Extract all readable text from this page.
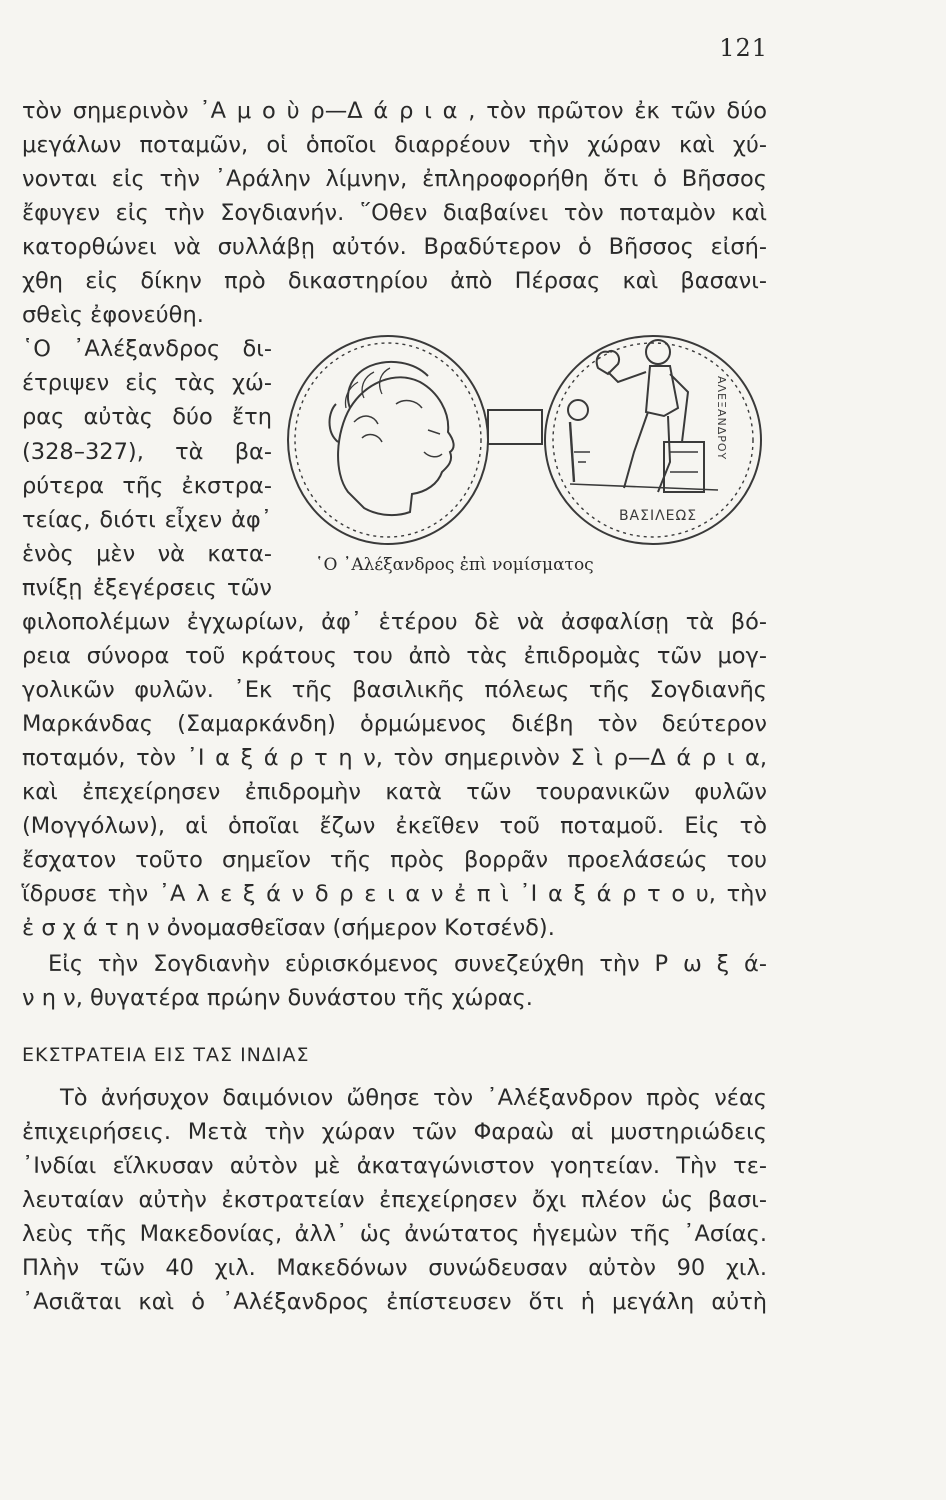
121
τὸν σημερινὸν ᾿Α μ ο ὺ ρ—Δ ά ρ ι α , τὸν πρῶτον ἐκ τῶν δύο
μεγάλων ποταμῶν, οἱ ὁποῖοι διαρρέουν τὴν χώραν καὶ χύ-
νονται εἰς τὴν ᾿Αράλην λίμνην, ἐπληροφορήθη ὅτι ὁ Βῆσσος
ἔφυγεν εἰς τὴν Σογδιανήν. ῞Οθεν διαβαίνει τὸν ποταμὸν καὶ
κατορθώνει νὰ συλλάβῃ αὐτόν. Βραδύτερον ὁ Βῆσσος εἰσή-
χθη εἰς δίκην πρὸ δικαστηρίου ἀπὸ Πέρσας καὶ βασανι-
σθεὶς ἐφονεύθη.
῾Ο ᾿Αλέξανδρος δι-
έτριψεν εἰς τὰς χώ-
ρας αὐτὰς δύο ἔτη
(328–327), τὰ βα-
ρύτερα τῆς ἐκστρα-
τείας, διότι εἶχεν ἀφ᾿
ἑνὸς μὲν νὰ κατα-
πνίξῃ ἐξεγέρσεις τῶν
ΒΑΣΙΛΕΩΣ
ΑΛΕΞΑΝΔΡΟΥ
῾Ο ᾿Αλέξανδρος ἐπὶ νομίσματος
φιλοπολέμων ἐγχωρίων, ἀφ᾿ ἑτέρου δὲ νὰ ἀσφαλίσῃ τὰ βό-
ρεια σύνορα τοῦ κράτους του ἀπὸ τὰς ἐπιδρομὰς τῶν μογ-
γολικῶν φυλῶν. ᾿Εκ τῆς βασιλικῆς πόλεως τῆς Σογδιανῆς
Μαρκάνδας (Σαμαρκάνδη) ὁρμώμενος διέβη τὸν δεύτερον
ποταμόν, τὸν ᾿Ι α ξ ά ρ τ η ν, τὸν σημερινὸν Σ ὶ ρ—Δ ά ρ ι α,
καὶ ἐπεχείρησεν ἐπιδρομὴν κατὰ τῶν τουρανικῶν φυλῶν
(Μογγόλων), αἱ ὁποῖαι ἔζων ἐκεῖθεν τοῦ ποταμοῦ. Εἰς τὸ
ἔσχατον τοῦτο σημεῖον τῆς πρὸς βορρᾶν προελάσεώς του
ἵδρυσε τὴν ᾿Α λ ε ξ ά ν δ ρ ε ι α ν ἐ π ὶ ᾿Ι α ξ ά ρ τ ο υ, τὴν
ἐ σ χ ά τ η ν ὀνομασθεῖσαν (σήμερον Κοτσένδ).
Εἰς τὴν Σογδιανὴν εὑρισκόμενος συνεζεύχθη τὴν Ρ ω ξ ά-
ν η ν, θυγατέρα πρώην δυνάστου τῆς χώρας.
ΕΚΣΤΡΑΤΕΙΑ ΕΙΣ ΤΑΣ ΙΝΔΙΑΣ
Τὸ ἀνήσυχον δαιμόνιον ὤθησε τὸν ᾿Αλέξανδρον πρὸς νέας
ἐπιχειρήσεις. Μετὰ τὴν χώραν τῶν Φαραὼ αἱ μυστηριώδεις
᾿Ινδίαι εἵλκυσαν αὐτὸν μὲ ἀκαταγώνιστον γοητείαν. Τὴν τε-
λευταίαν αὐτὴν ἐκστρατείαν ἐπεχείρησεν ὄχι πλέον ὡς βασι-
λεὺς τῆς Μακεδονίας, ἀλλ᾿ ὡς ἀνώτατος ἡγεμὼν τῆς ᾿Ασίας.
Πλὴν τῶν 40 χιλ. Μακεδόνων συνώδευσαν αὐτὸν 90 χιλ.
᾿Ασιᾶται καὶ ὁ ᾿Αλέξανδρος ἐπίστευσεν ὅτι ἡ μεγάλη αὐτὴ
